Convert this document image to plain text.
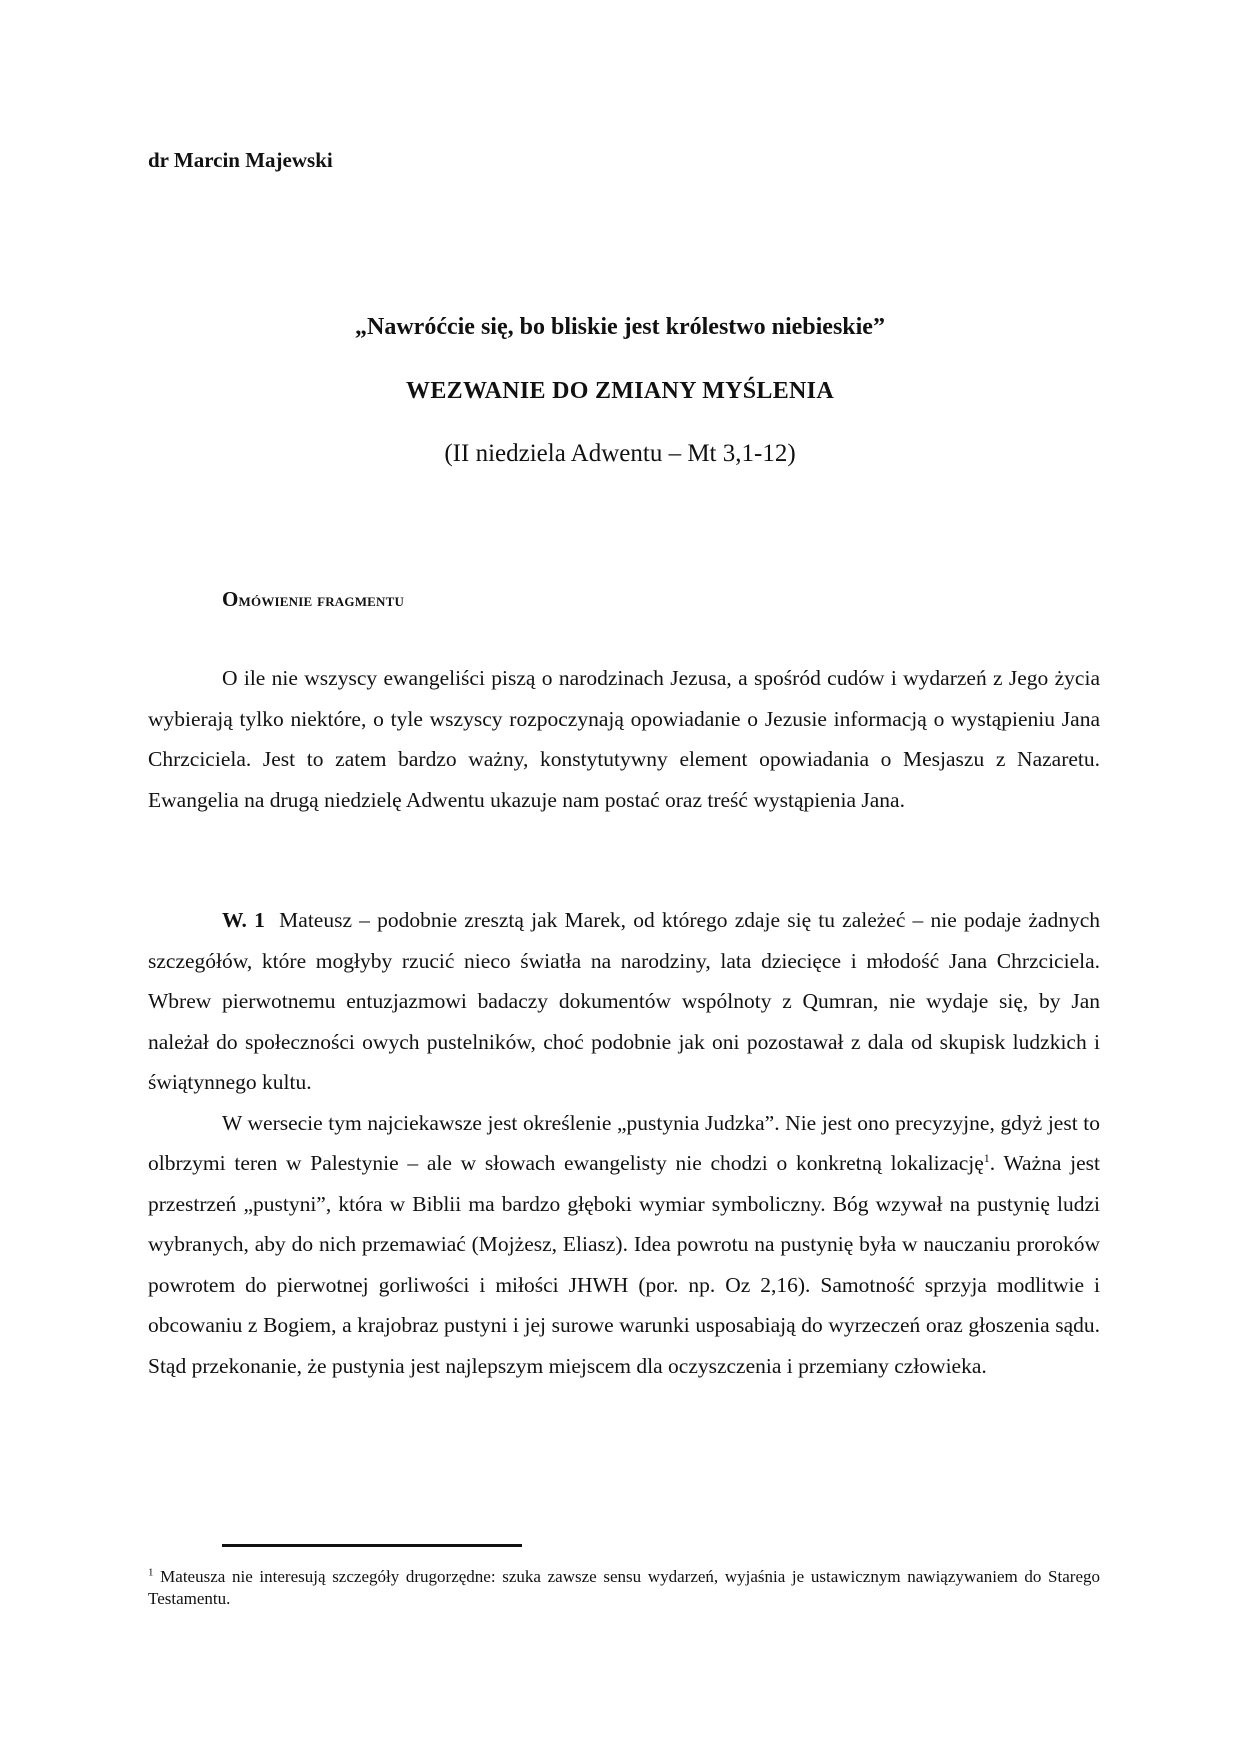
dr Marcin Majewski
„Nawróćcie się, bo bliskie jest królestwo niebieskie”
WEZWANIE DO ZMIANY MYŚLENIA
(II niedziela Adwentu – Mt 3,1-12)
Omówienie fragmentu

O ile nie wszyscy ewangeliści piszą o narodzinach Jezusa, a spośród cudów i wydarzeń z Jego życia wybierają tylko niektóre, o tyle wszyscy rozpoczynają opowiadanie o Jezusie informacją o wystąpieniu Jana Chrzciciela. Jest to zatem bardzo ważny, konstytutywny element opowiadania o Mesjaszu z Nazaretu. Ewangelia na drugą niedzielę Adwentu ukazuje nam postać oraz treść wystąpienia Jana.

W. 1 Mateusz – podobnie zresztą jak Marek, od którego zdaje się tu zależeć – nie podaje żadnych szczegółów, które mogłyby rzucić nieco światła na narodziny, lata dziecięce i młodość Jana Chrzciciela. Wbrew pierwotnemu entuzjazmowi badaczy dokumentów wspólnoty z Qumran, nie wydaje się, by Jan należał do społeczności owych pustelników, choć podobnie jak oni pozostawał z dala od skupisk ludzkich i świątynnego kultu.

W wersecie tym najciekawsze jest określenie „pustynia Judzka”. Nie jest ono precyzyjne, gdyż jest to olbrzymi teren w Palestynie – ale w słowach ewangelisty nie chodzi o konkretną lokalizację$^1$. Ważna jest przestrzeń „pustyni”, która w Biblii ma bardzo głęboki wymiar symboliczny. Bóg wzywał na pustynię ludzi wybranych, aby do nich przemawiać (Mojżesz, Eliasz). Idea powrotu na pustynię była w nauczaniu proroków powrotem do pierwotnej gorliwości i miłości JHWH (por. np. Oz 2,16). Samotność sprzyja modlitwie i obcowaniu z Bogiem, a krajobraz pustyni i jej surowe warunki usposabiają do wyrzeczeń oraz głoszenia sądu. Stąd przekonanie, że pustynia jest najlepszym miejscem dla oczyszczenia i przemiany człowieka.

$^1$ Mateusza nie interesują szczegóły drugorzędne: szuka zawsze sensu wydarzeń, wyjaśnia je ustawicznym nawiązywaniem do Starego Testamentu.
